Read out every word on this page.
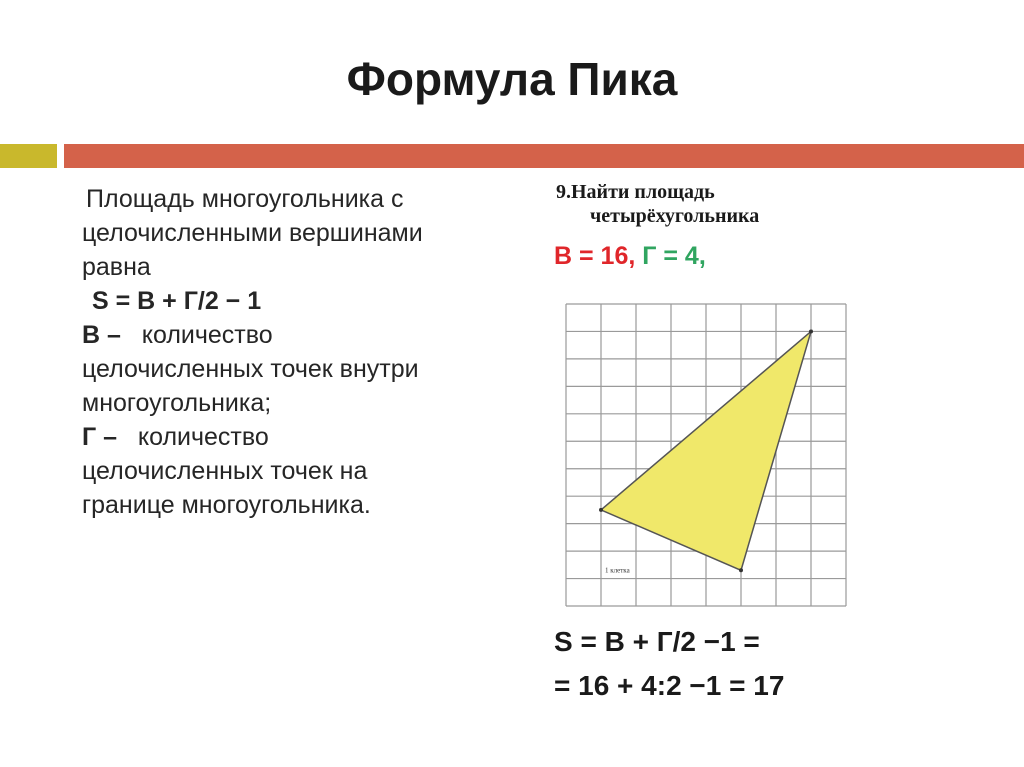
Формула Пика
Площадь многоугольника с
целочисленными вершинами
равна
S = В + Г/2 − 1
В – количество
целочисленных точек внутри
многоугольника;
Г – количество
целочисленных точек на
границе многоугольника.
9.Найти площадь
четырёхугольника
В = 16, Г = 4,
1 клетка
S = В + Г/2 −1 =
= 16 + 4:2 −1 = 17
